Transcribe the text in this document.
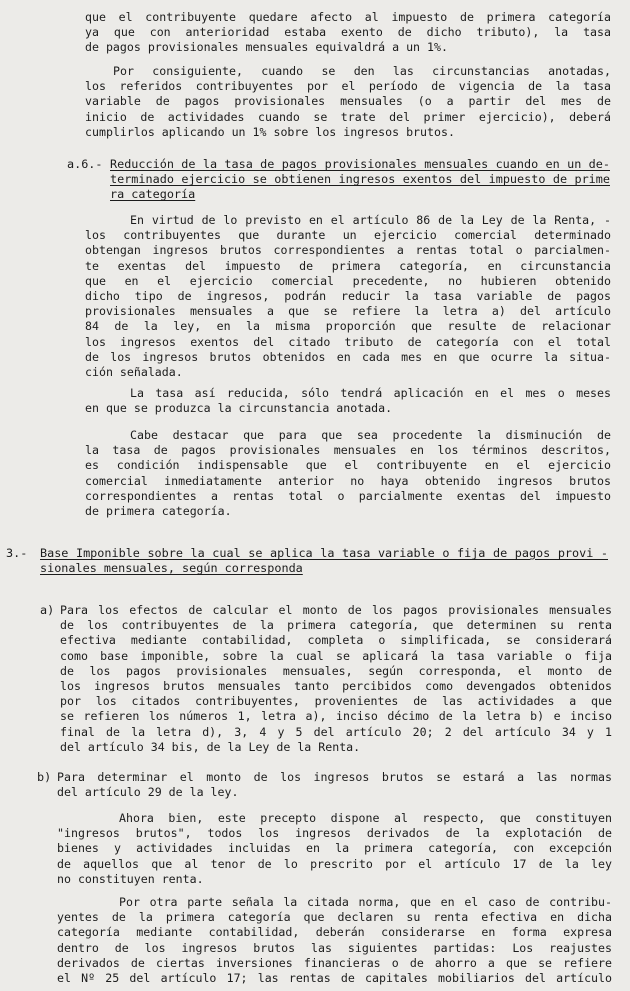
que el contribuyente quedare afecto al impuesto de primera categoría
ya que con anterioridad estaba exento de dicho tributo), la tasa
de pagos provisionales mensuales equivaldrá a un 1%.
Por consiguiente, cuando se den las circunstancias anotadas,
los referidos contribuyentes por el período de vigencia de la tasa
variable de pagos provisionales mensuales (o a partir del mes de
inicio de actividades cuando se trate del primer ejercicio), deberá
cumplirlos aplicando un 1% sobre los ingresos brutos.
a.6.- Reducción de la tasa de pagos provisionales mensuales cuando en un de-
terminado ejercicio se obtienen ingresos exentos del impuesto de prime
ra categoría
En virtud de lo previsto en el artículo 86 de la Ley de la Renta, -
los contribuyentes que durante un ejercicio comercial determinado
obtengan ingresos brutos correspondientes a rentas total o parcialmen-
te exentas del impuesto de primera categoría, en circunstancia
que en el ejercicio comercial precedente, no hubieren obtenido
dicho tipo de ingresos, podrán reducir la tasa variable de pagos
provisionales mensuales a que se refiere la letra a) del artículo
84 de la ley, en la misma proporción que resulte de relacionar
los ingresos exentos del citado tributo de categoría con el total
de los ingresos brutos obtenidos en cada mes en que ocurre la situa-
ción señalada.
La tasa así reducida, sólo tendrá aplicación en el mes o meses
en que se produzca la circunstancia anotada.
Cabe destacar que para que sea procedente la disminución de
la tasa de pagos provisionales mensuales en los términos descritos,
es condición indispensable que el contribuyente en el ejercicio
comercial inmediatamente anterior no haya obtenido ingresos brutos
correspondientes a rentas total o parcialmente exentas del impuesto
de primera categoría.
3.- Base Imponible sobre la cual se aplica la tasa variable o fija de pagos provi -
sionales mensuales, según corresponda
a) Para los efectos de calcular el monto de los pagos provisionales mensuales
de los contribuyentes de la primera categoría, que determinen su renta
efectiva mediante contabilidad, completa o simplificada, se considerará
como base imponible, sobre la cual se aplicará la tasa variable o fija
de los pagos provisionales mensuales, según corresponda, el monto de
los ingresos brutos mensuales tanto percibidos como devengados obtenidos
por los citados contribuyentes, provenientes de las actividades a que
se refieren los números 1, letra a), inciso décimo de la letra b) e inciso
final de la letra d), 3, 4 y 5 del artículo 20; 2 del artículo 34 y 1
del artículo 34 bis, de la Ley de la Renta.
b) Para determinar el monto de los ingresos brutos se estará a las normas
del artículo 29 de la ley.
Ahora bien, este precepto dispone al respecto, que constituyen
"ingresos brutos", todos los ingresos derivados de la explotación de
bienes y actividades incluidas en la primera categoría, con excepción
de aquellos que al tenor de lo prescrito por el artículo 17 de la ley
no constituyen renta.
Por otra parte señala la citada norma, que en el caso de contribu-
yentes de la primera categoría que declaren su renta efectiva en dicha
categoría mediante contabilidad, deberán considerarse en forma expresa
dentro de los ingresos brutos las siguientes partidas: Los reajustes
derivados de ciertas inversiones financieras o de ahorro a que se refiere
el Nº 25 del artículo 17; las rentas de capitales mobiliarios del artículo
